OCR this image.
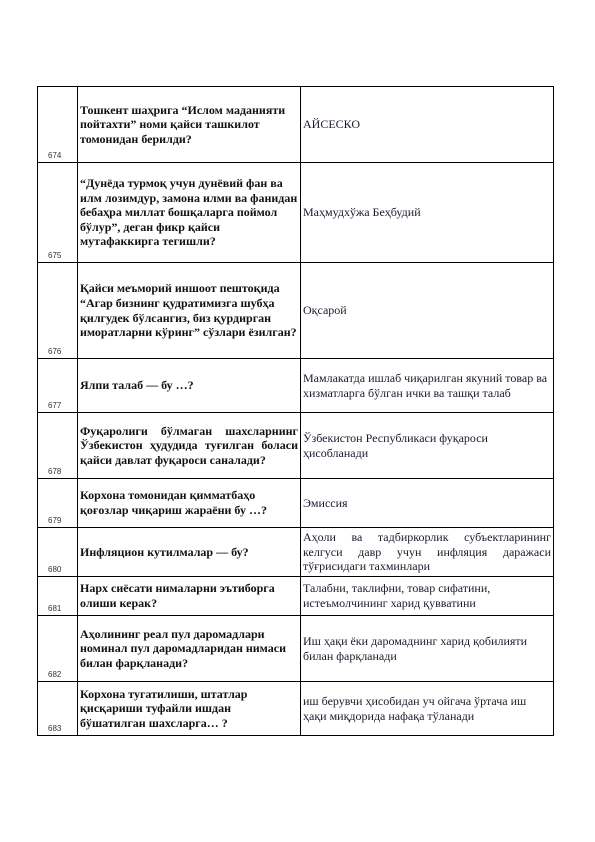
674	Тошкент шаҳрига “Ислом маданияти пойтахти” номи қайси ташкилот томонидан берилди?	АЙСЕСКО
675	“Дунёда турмоқ учун дунёвий фан ва илм лозимдур, замона илми ва фанидан бебаҳра миллат бошқаларга поймол бўлур”, деган фикр қайси мутафаккирга тегишли?	Маҳмудхўжа Беҳбудий
676	Қайси меъморий иншоот пештоқида “Агар бизнинг қудратимизга шубҳа қилгудек бўлсангиз, биз қурдирган иморатларни кўринг” сўзлари ёзилган?	Оқсарой
677	Ялпи талаб — бу …?	Мамлакатда ишлаб чиқарилган якуний товар ва хизматларга бўлган ички ва ташқи талаб
678	Фуқаролиги бўлмаган шахсларнинг Ўзбекистон ҳудудида туғилган боласи қайси давлат фуқароси саналади?	Ўзбекистон Республикаси фуқароси ҳисобланади
679	Корхона томонидан қимматбаҳо қоғозлар чиқариш жараёни бу …?	Эмиссия
680	Инфляцион кутилмалар — бу?	Аҳоли ва тадбиркорлик субъектларининг келгуси давр учун инфляция даражаси тўғрисидаги тахминлари
681	Нарх сиёсати нималарни эътиборга олиши керак?	Талабни, таклифни, товар сифатини, истеъмолчининг харид қувватини
682	Аҳолининг реал пул даромадлари номинал пул даромадларидан нимаси билан фарқланади?	Иш ҳақи ёки даромаднинг харид қобилияти билан фарқланади
683	Корхона тугатилиши, штатлар қисқариши туфайли ишдан бўшатилган шахсларга… ?	иш берувчи ҳисобидан уч ойгача ўртача иш ҳақи миқдорида нафақа тўланади
